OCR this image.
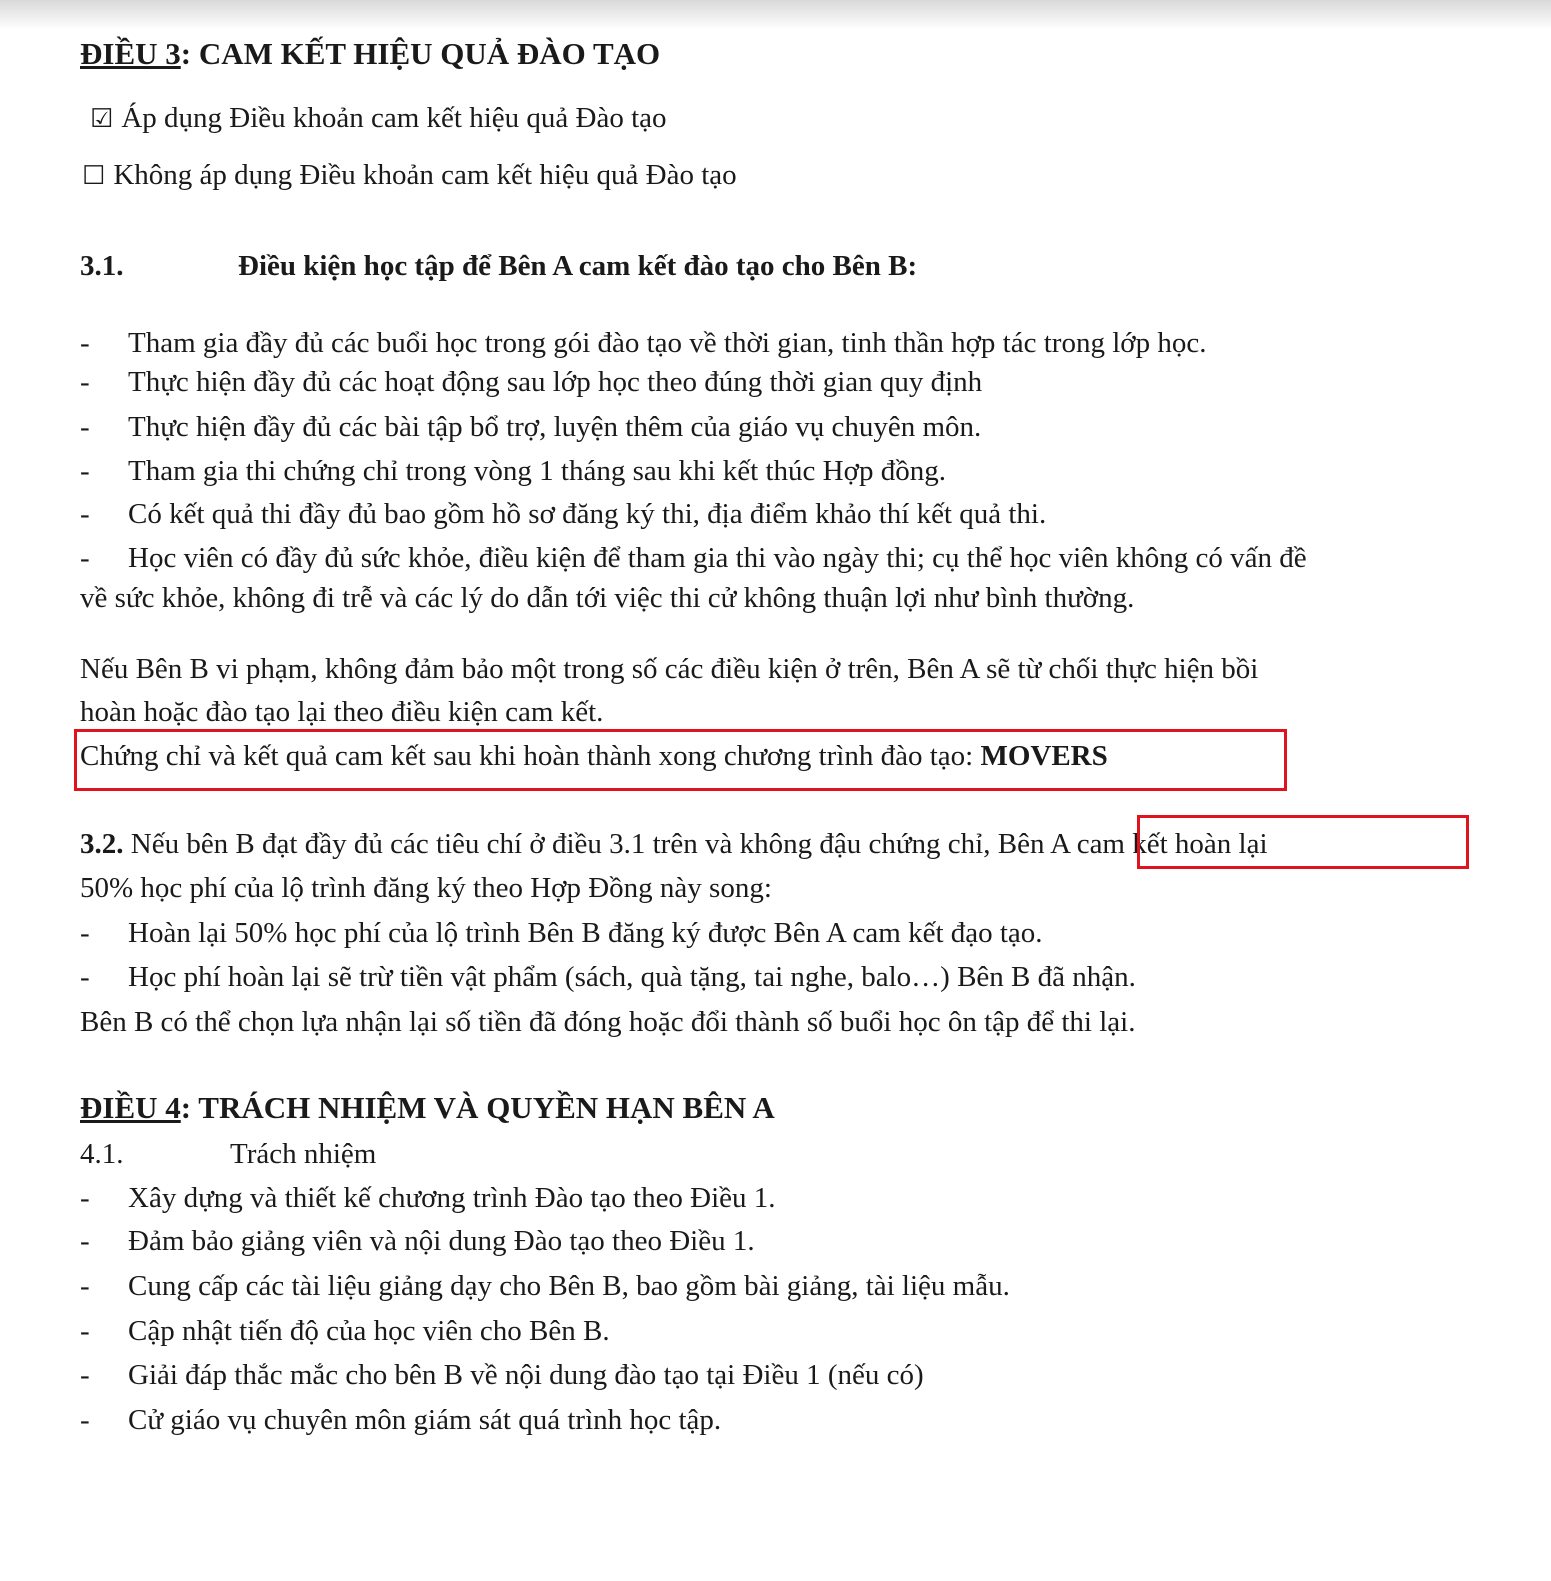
ĐIỀU 3: CAM KẾT HIỆU QUẢ ĐÀO TẠO
☑ Áp dụng Điều khoản cam kết hiệu quả Đào tạo
☐ Không áp dụng Điều khoản cam kết hiệu quả Đào tạo
3.1.	Điều kiện học tập để Bên A cam kết đào tạo cho Bên B:
- Tham gia đầy đủ các buổi học trong gói đào tạo về thời gian, tinh thần hợp tác trong lớp học.
- Thực hiện đầy đủ các hoạt động sau lớp học theo đúng thời gian quy định
- Thực hiện đầy đủ các bài tập bổ trợ, luyện thêm của giáo vụ chuyên môn.
- Tham gia thi chứng chỉ trong vòng 1 tháng sau khi kết thúc Hợp đồng.
- Có kết quả thi đầy đủ bao gồm hồ sơ đăng ký thi, địa điểm khảo thí kết quả thi.
- Học viên có đầy đủ sức khỏe, điều kiện để tham gia thi vào ngày thi; cụ thể học viên không có vấn đề
về sức khỏe, không đi trễ và các lý do dẫn tới việc thi cử không thuận lợi như bình thường.
Nếu Bên B vi phạm, không đảm bảo một trong số các điều kiện ở trên, Bên A sẽ từ chối thực hiện bồi
hoàn hoặc đào tạo lại theo điều kiện cam kết.
Chứng chỉ và kết quả cam kết sau khi hoàn thành xong chương trình đào tạo: MOVERS
3.2. Nếu bên B đạt đầy đủ các tiêu chí ở điều 3.1 trên và không đậu chứng chỉ, Bên A cam kết hoàn lại
50% học phí của lộ trình đăng ký theo Hợp Đồng này song:
- Hoàn lại 50% học phí của lộ trình Bên B đăng ký được Bên A cam kết đạo tạo.
- Học phí hoàn lại sẽ trừ tiền vật phẩm (sách, quà tặng, tai nghe, balo…) Bên B đã nhận.
Bên B có thể chọn lựa nhận lại số tiền đã đóng hoặc đổi thành số buổi học ôn tập để thi lại.
ĐIỀU 4: TRÁCH NHIỆM VÀ QUYỀN HẠN BÊN A
4.1.	Trách nhiệm
- Xây dựng và thiết kế chương trình Đào tạo theo Điều 1.
- Đảm bảo giảng viên và nội dung Đào tạo theo Điều 1.
- Cung cấp các tài liệu giảng dạy cho Bên B, bao gồm bài giảng, tài liệu mẫu.
- Cập nhật tiến độ của học viên cho Bên B.
- Giải đáp thắc mắc cho bên B về nội dung đào tạo tại Điều 1 (nếu có)
- Cử giáo vụ chuyên môn giám sát quá trình học tập.
